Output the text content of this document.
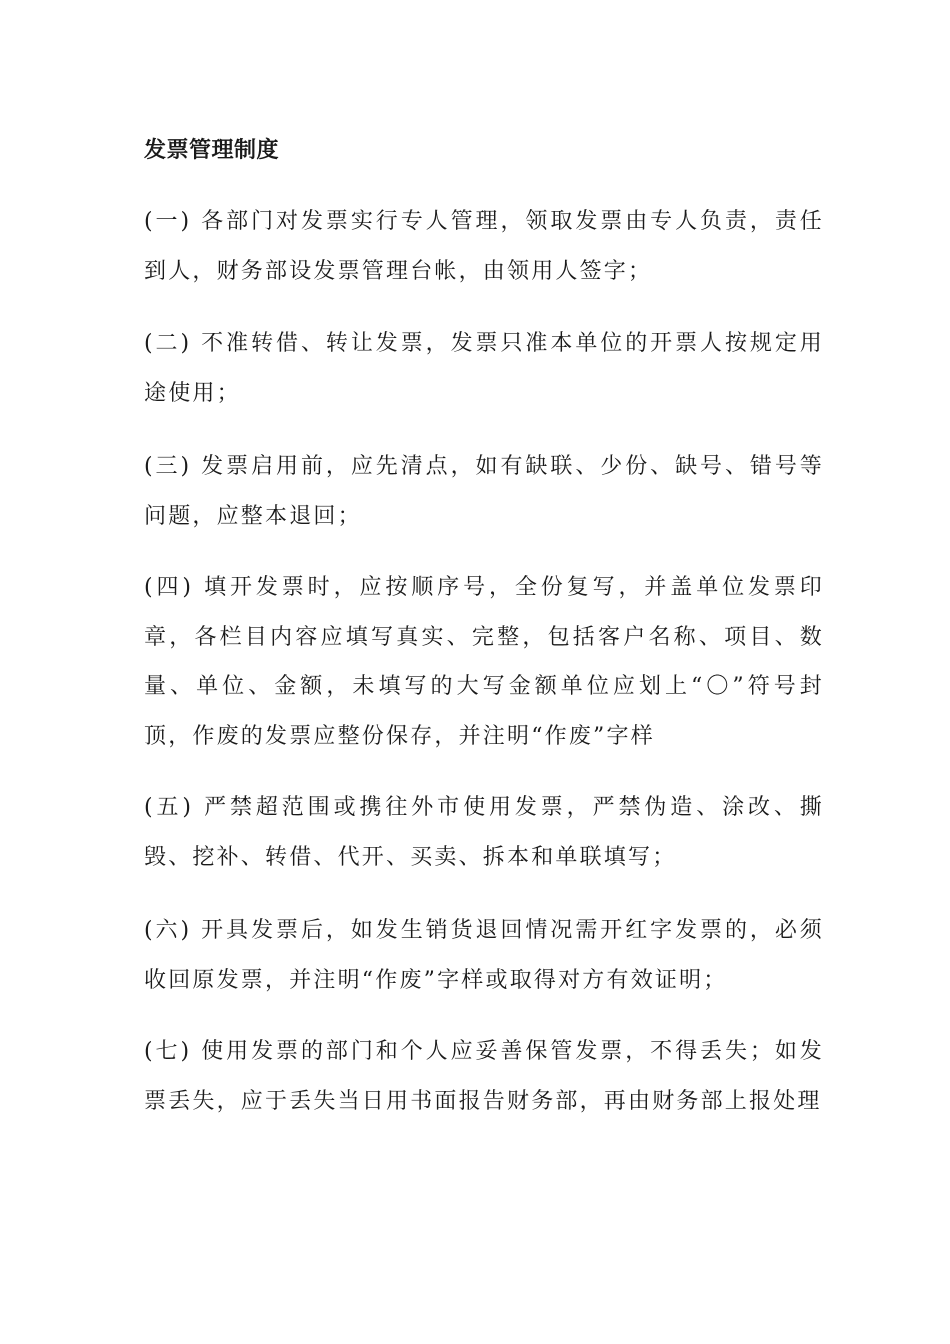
发票管理制度

(一) 各部门对发票实行专人管理，领取发票由专人负责，责任到人，财务部设发票管理台帐，由领用人签字；

(二) 不准转借、转让发票，发票只准本单位的开票人按规定用途使用；

(三) 发票启用前，应先清点，如有缺联、少份、缺号、错号等问题，应整本退回；

(四) 填开发票时，应按顺序号，全份复写，并盖单位发票印章，各栏目内容应填写真实、完整，包括客户名称、项目、数量、单位、金额，未填写的大写金额单位应划上“〇”符号封顶，作废的发票应整份保存，并注明“作废”字样

(五) 严禁超范围或携往外市使用发票，严禁伪造、涂改、撕毁、挖补、转借、代开、买卖、拆本和单联填写；

(六) 开具发票后，如发生销货退回情况需开红字发票的，必须收回原发票，并注明“作废”字样或取得对方有效证明；

(七) 使用发票的部门和个人应妥善保管发票，不得丢失；如发票丢失，应于丢失当日用书面报告财务部，再由财务部上报处理
